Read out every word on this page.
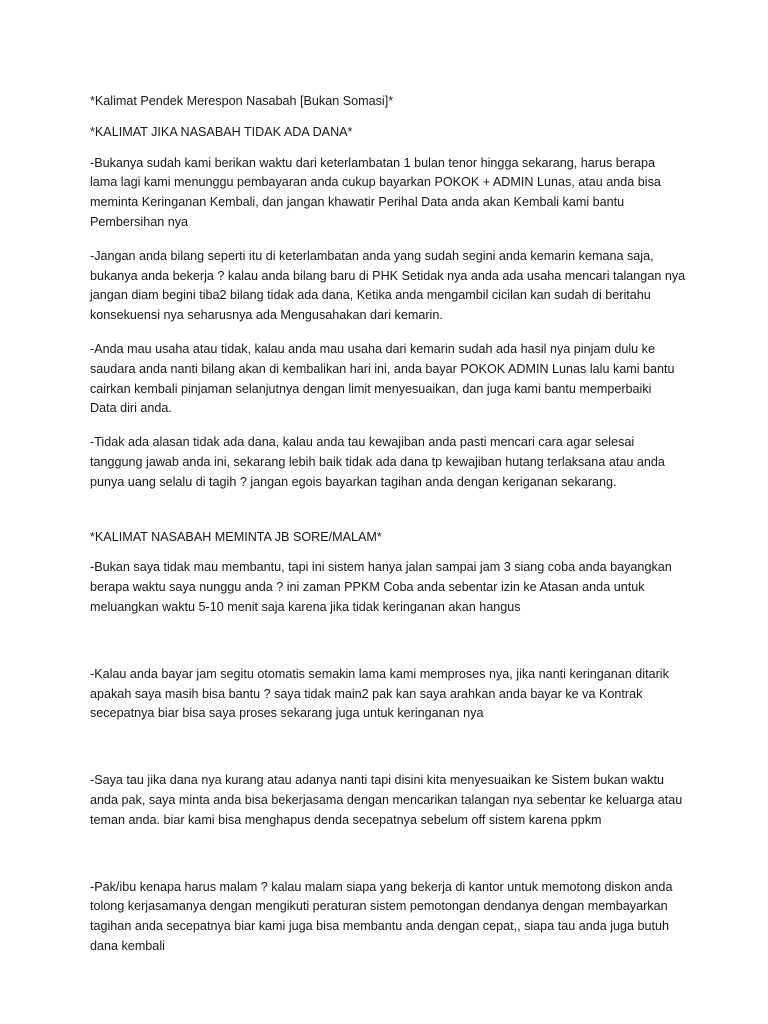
*Kalimat Pendek Merespon Nasabah [Bukan Somasi]*

*KALIMAT JIKA NASABAH TIDAK ADA DANA*

-Bukanya sudah kami berikan waktu dari keterlambatan 1 bulan tenor hingga sekarang, harus berapa

lama lagi kami menunggu pembayaran anda cukup bayarkan POKOK + ADMIN Lunas, atau anda bisa

meminta Keringanan Kembali, dan jangan khawatir Perihal Data anda akan Kembali kami bantu

Pembersihan nya

-Jangan anda bilang seperti itu di keterlambatan anda yang sudah segini anda kemarin kemana saja,

bukanya anda bekerja ? kalau anda bilang baru di PHK Setidak nya anda ada usaha mencari talangan nya

jangan diam begini tiba2 bilang tidak ada dana, Ketika anda mengambil cicilan kan sudah di beritahu

konsekuensi nya seharusnya ada Mengusahakan dari kemarin.

-Anda mau usaha atau tidak, kalau anda mau usaha dari kemarin sudah ada hasil nya pinjam dulu ke

saudara anda nanti bilang akan di kembalikan hari ini, anda bayar POKOK ADMIN Lunas lalu kami bantu

cairkan kembali pinjaman selanjutnya dengan limit menyesuaikan, dan juga kami bantu memperbaiki

Data diri anda.

-Tidak ada alasan tidak ada dana, kalau anda tau kewajiban anda pasti mencari cara agar selesai

tanggung jawab anda ini, sekarang lebih baik tidak ada dana tp kewajiban hutang terlaksana atau anda

punya uang selalu di tagih ? jangan egois bayarkan tagihan anda dengan keriganan sekarang.

*KALIMAT NASABAH MEMINTA JB SORE/MALAM*

-Bukan saya tidak mau membantu, tapi ini sistem hanya jalan sampai jam 3 siang coba anda bayangkan

berapa waktu saya nunggu anda ? ini zaman PPKM Coba anda sebentar izin ke Atasan anda untuk

meluangkan waktu 5-10 menit saja karena jika tidak keringanan akan hangus

-Kalau anda bayar jam segitu otomatis semakin lama kami memproses nya, jika nanti keringanan ditarik

apakah saya masih bisa bantu ? saya tidak main2 pak kan saya arahkan anda bayar ke va Kontrak

secepatnya biar bisa saya proses sekarang juga untuk keringanan nya

-Saya tau jika dana nya kurang atau adanya nanti tapi disini kita menyesuaikan ke Sistem bukan waktu

anda pak, saya minta anda bisa bekerjasama dengan mencarikan talangan nya sebentar ke keluarga atau

teman anda. biar kami bisa menghapus denda secepatnya sebelum off sistem karena ppkm

-Pak/ibu kenapa harus malam ? kalau malam siapa yang bekerja di kantor untuk memotong diskon anda

tolong kerjasamanya dengan mengikuti peraturan sistem pemotongan dendanya dengan membayarkan

tagihan anda secepatnya biar kami juga bisa membantu anda dengan cepat,, siapa tau anda juga butuh

dana kembali
